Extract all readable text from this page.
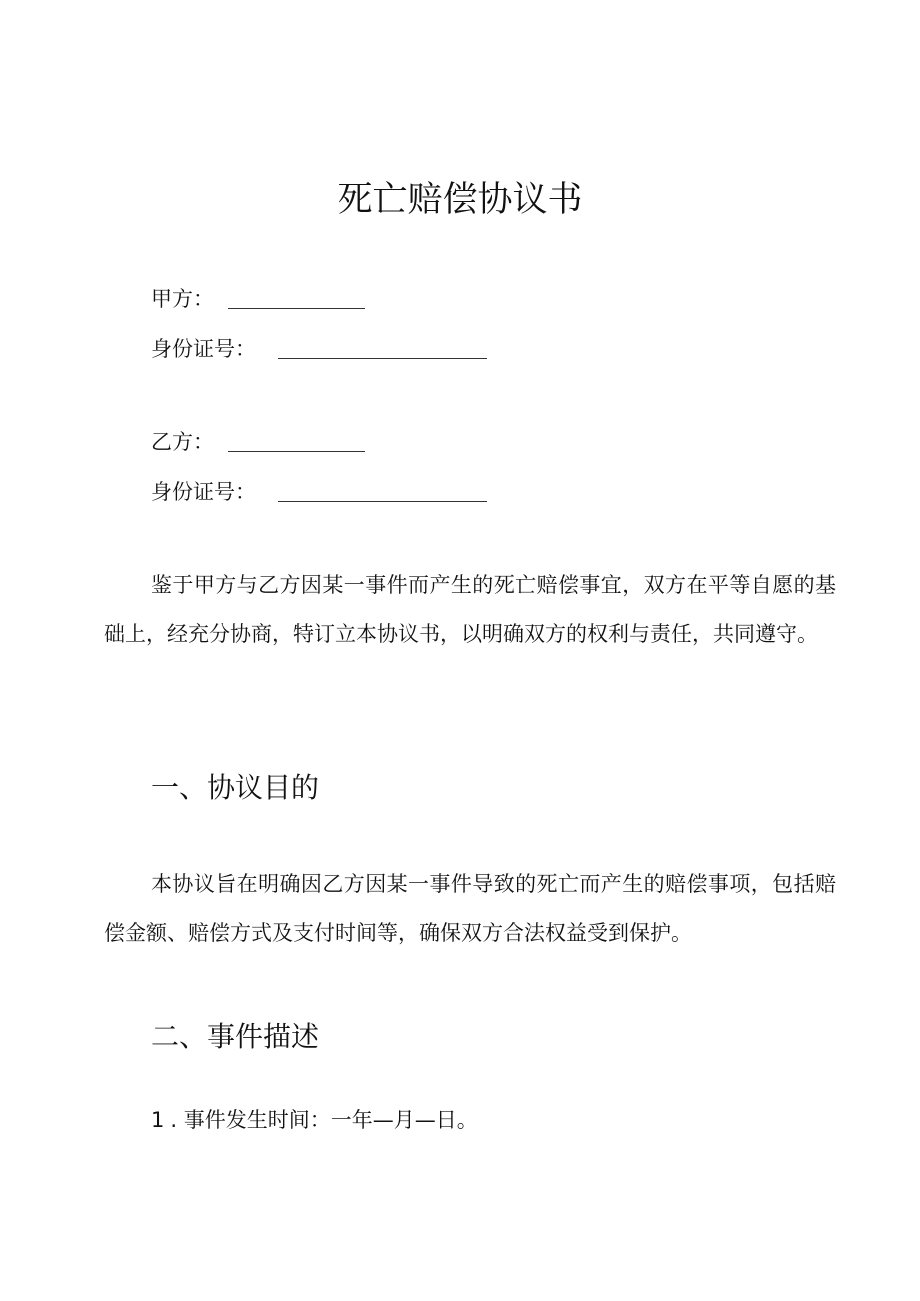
死亡赔偿协议书
甲方：
身份证号：
乙方：
身份证号：

鉴于甲方与乙方因某一事件而产生的死亡赔偿事宜，双方在平等自愿的基础上，经充分协商，特订立本协议书，以明确双方的权利与责任，共同遵守。

一、协议目的

本协议旨在明确因乙方因某一事件导致的死亡而产生的赔偿事项，包括赔偿金额、赔偿方式及支付时间等，确保双方合法权益受到保护。

二、事件描述
1 . 事件发生时间：一年—月—日。
